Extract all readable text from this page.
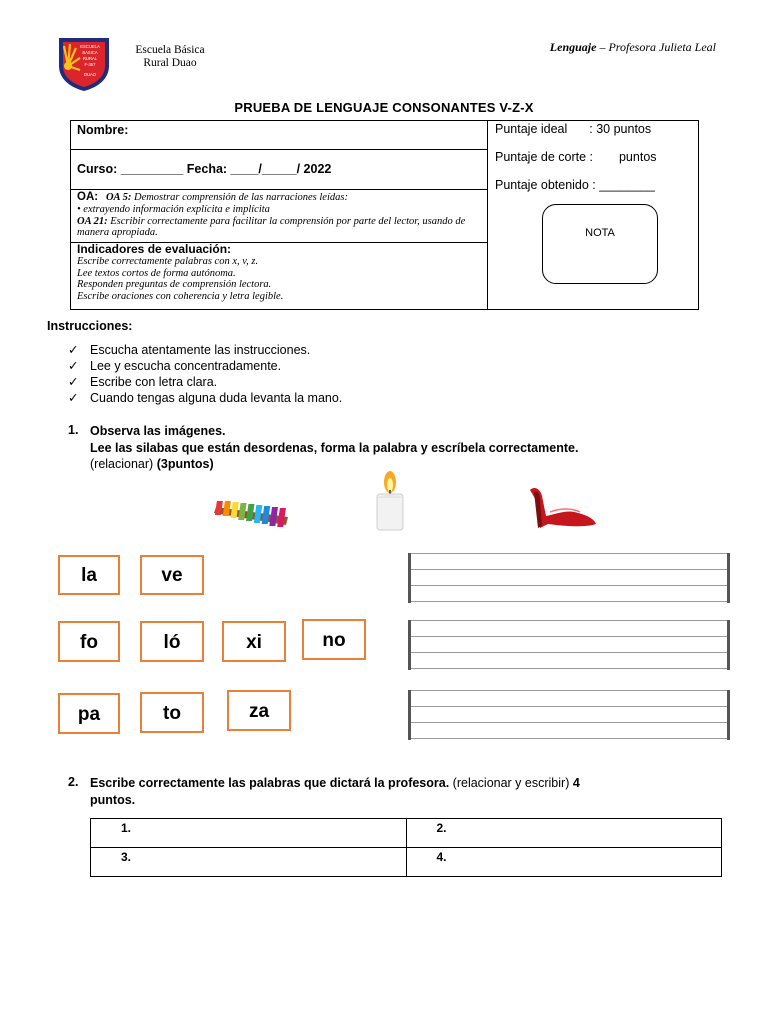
ESCUELA
BASICA
RURAL
F-357
DUAO
Escuela Básica
Rural Duao
Lenguaje – Profesora Julieta Leal
PRUEBA DE LENGUAJE CONSONANTES V-Z-X
Nombre:
Curso: _________ Fecha: ____/_____/ 2022
OA: OA 5: Demostrar comprensión de las narraciones leídas:
• extrayendo información explícita e implícita
OA 21: Escribir correctamente para facilitar la comprensión por parte del lector, usando de manera apropiada.
Indicadores de evaluación:
Escribe correctamente palabras con x, v, z.
Lee textos cortos de forma autónoma.
Responden preguntas de comprensión lectora.
Escribe oraciones con coherencia y letra legible.
Puntaje ideal : 30 puntos
Puntaje de corte : puntos
Puntaje obtenido : ________
NOTA
Instrucciones:
✓ Escucha atentamente las instrucciones.
✓ Lee y escucha concentradamente.
✓ Escribe con letra clara.
✓ Cuando tengas alguna duda levanta la mano.
1. Observa las imágenes.
Lee las silabas que están desordenas, forma la palabra y escríbela correctamente.
(relacionar) (3puntos)
la	ve
fo	ló	xi	no
pa	to	za
2. Escribe correctamente las palabras que dictará la profesora. (relacionar y escribir) 4
puntos.
1.	2.
3.	4.
